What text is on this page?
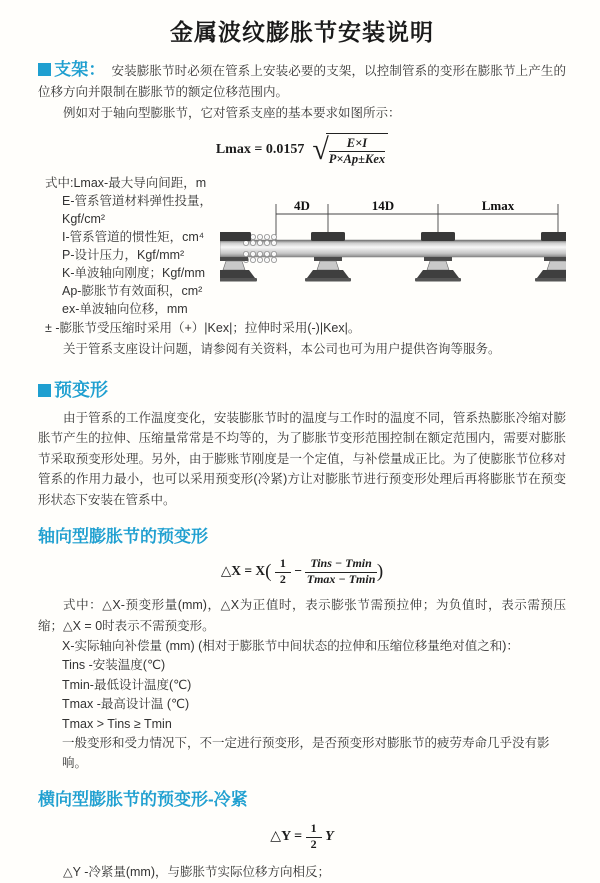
金属波纹膨胀节安装说明

支架： 安装膨胀节时必须在管系上安装必要的支架，以控制管系的变形在膨胀节上产生的位移方向并限制在膨胀节的额定位移范围内。

例如对于轴向型膨胀节，它对管系支座的基本要求如图所示：

Lmax = 0.0157 √ $\frac{E\times I}{\text{P×Ap±Kex}}$
4D	14D	Lmax
式中:Lmax-最大导向间距，m
E-管系管道材料弹性投量，Kgf/cm²
I-管系管道的惯性矩，cm⁴
P-设计压力，Kgf/mm²
K-单波轴向刚度；Kgf/mm
Ap-膨胀节有效面积，cm²
ex-单波轴向位移，mm
± -膨胀节受压缩时采用（+）|Kex|；拉伸时采用(-)|Kex|。
关于管系支座设计问题，请参阅有关资料，本公司也可为用户提供咨询等服务。
预变形

由于管系的工作温度变化，安装膨胀节时的温度与工作时的温度不同，管系热膨胀冷缩对膨胀节产生的拉伸、压缩量常常是不均等的，为了膨胀节变形范围控制在额定范围内，需要对膨胀节采取预变形处理。另外，由于膨账节刚度是一个定值，与补偿量成正比。为了使膨胀节位移对管系的作用力最小，也可以采用预变形(冷紧)方让对膨胀节进行预变形处理后再将膨胀节在预变形状态下安装在管系中。

轴向型膨胀节的预变形
△X = $X( \frac{1}{2} - \frac{\text{Tins − Tmin}}{Tmax - Tmin}$ )

式中：△X-预变形量(mm)，△X为正值时，表示膨张节需预拉伸；为负值时，表示需预压缩；△X = 0时表示不需预变形。

X-实际轴向补偿量 (mm) (相对于膨胀节中间状态的拉伸和压缩位移量绝对值之和)：
Tins -安装温度(℃)
Tmin-最低设计温度(℃)
Tmax -最高设计温 (℃)
Tmax > Tins ≥ Tmin
一般变形和受力情况下，不一定进行预变形，是否预变形对膨胀节的疲劳寿命几乎没有影响。
横向型膨胀节的预变形-冷紧
△Y = $\frac{1}{2}$ Y
△Y -冷紧量(mm)，与膨胀节实际位移方向相反；
